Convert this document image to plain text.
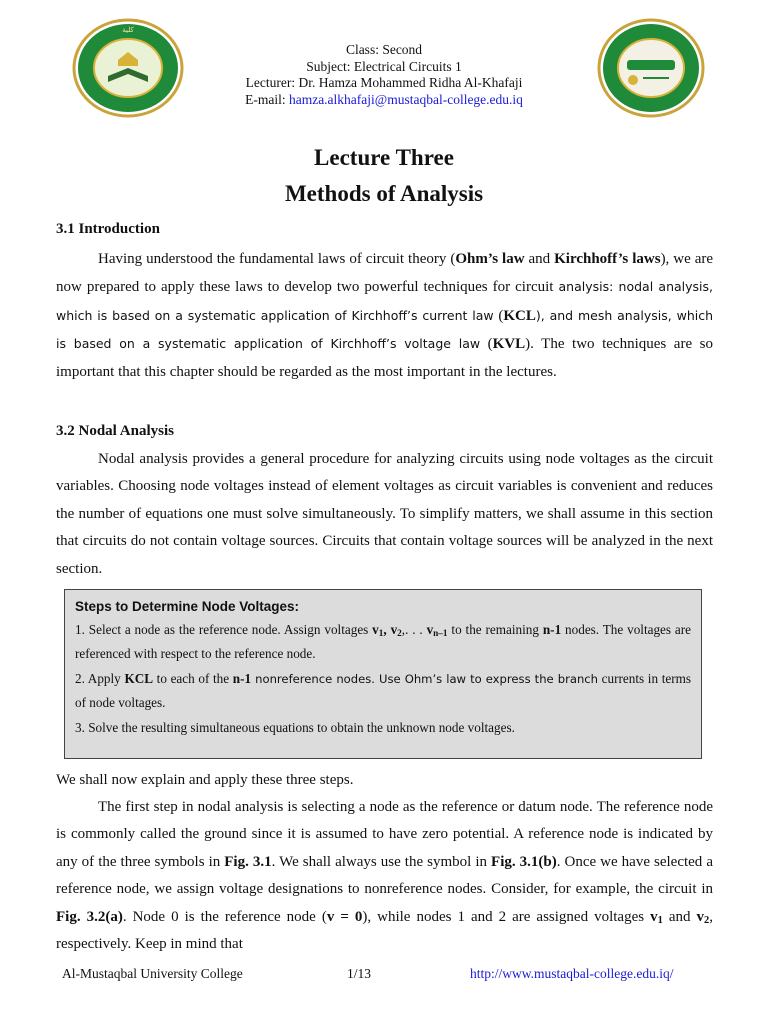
ﮐﻠﻴﺔ
Class: Second
Subject: Electrical Circuits 1
Lecturer: Dr. Hamza Mohammed Ridha Al-Khafaji
E-mail: hamza.alkhafaji@mustaqbal-college.edu.iq
Lecture Three
Methods of Analysis
3.1 Introduction
Having understood the fundamental laws of circuit theory (Ohm’s law and Kirchhoff’s laws), we are now prepared to apply these laws to develop two powerful techniques for circuit analysis: nodal analysis, which is based on a systematic application of Kirchhoff’s current law (KCL), and mesh analysis, which is based on a systematic application of Kirchhoff’s voltage law (KVL). The two techniques are so important that this chapter should be regarded as the most important in the lectures.
3.2 Nodal Analysis
Nodal analysis provides a general procedure for analyzing circuits using node voltages as the circuit variables. Choosing node voltages instead of element voltages as circuit variables is convenient and reduces the number of equations one must solve simultaneously. To simplify matters, we shall assume in this section that circuits do not contain voltage sources. Circuits that contain voltage sources will be analyzed in the next section.
Steps to Determine Node Voltages:

1. Select a node as the reference node. Assign voltages $v_1$, $v_2$,. . . $v_{n-1}$ to the remaining n-1 nodes. The voltages are referenced with respect to the reference node.

2. Apply KCL to each of the n-1 nonreference nodes. Use Ohm’s law to express the branch currents in terms of node voltages.

3. Solve the resulting simultaneous equations to obtain the unknown node voltages.

We shall now explain and apply these three steps.
The first step in nodal analysis is selecting a node as the reference or datum node. The reference node is commonly called the ground since it is assumed to have zero potential. A reference node is indicated by any of the three symbols in Fig. 3.1. We shall always use the symbol in Fig. 3.1(b). Once we have selected a reference node, we assign voltage designations to nonreference nodes. Consider, for example, the circuit in Fig. 3.2(a). Node 0 is the reference node (v = 0), while nodes 1 and 2 are assigned voltages $v_1$ and $v_2$, respectively. Keep in mind that
Al-Mustaqbal University College	1/13	http://www.mustaqbal-college.edu.iq/
